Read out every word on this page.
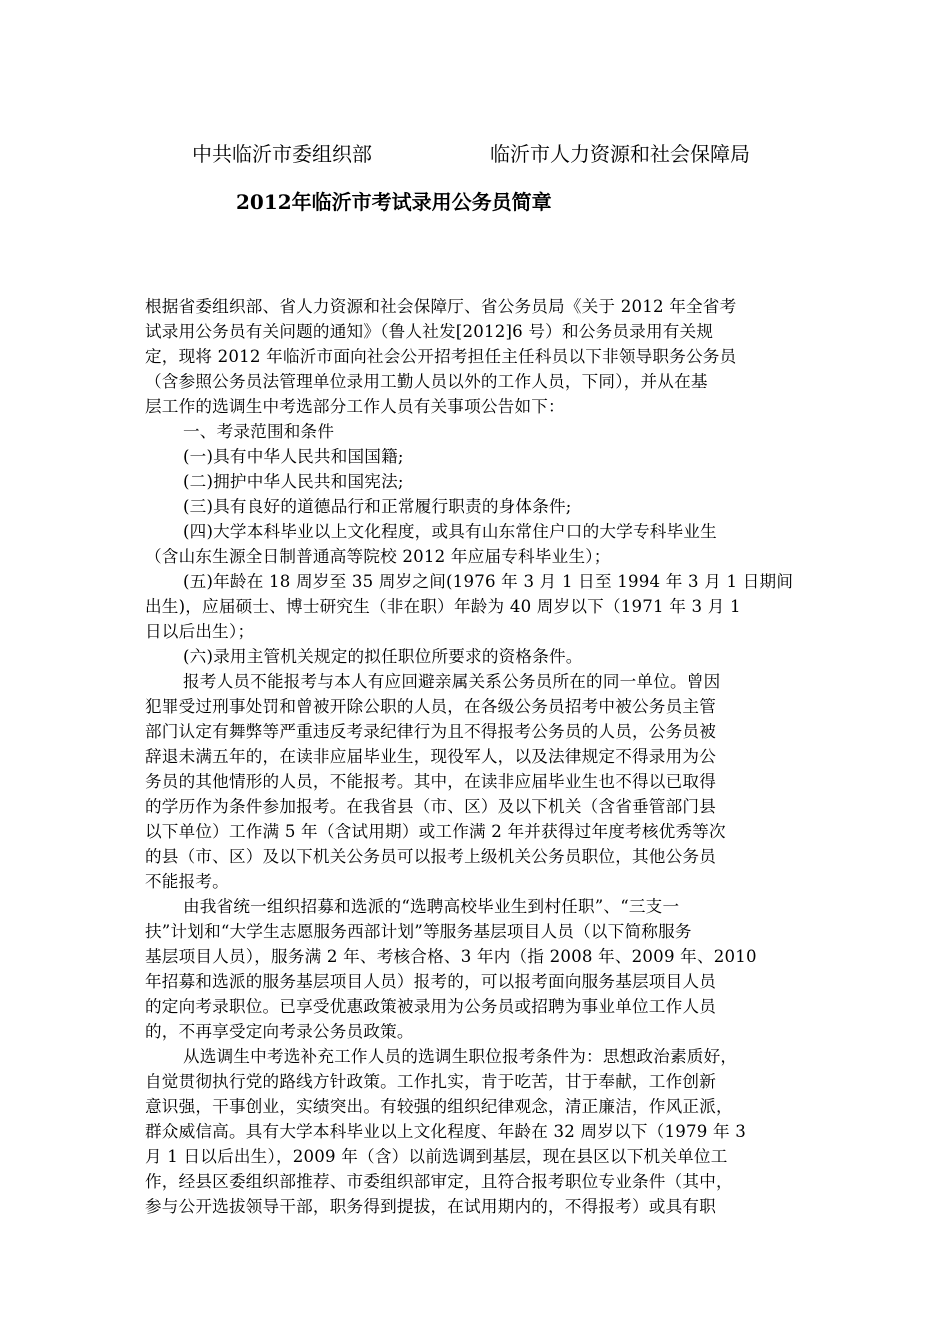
中共临沂市委组织部	临沂市人力资源和社会保障局
2012年临沂市考试录用公务员简章
根据省委组织部、省人力资源和社会保障厅、省公务员局《关于 2012 年全省考
试录用公务员有关问题的通知》（鲁人社发[2012]6 号）和公务员录用有关规
定，现将 2012 年临沂市面向社会公开招考担任主任科员以下非领导职务公务员
（含参照公务员法管理单位录用工勤人员以外的工作人员，下同），并从在基
层工作的选调生中考选部分工作人员有关事项公告如下：
一、考录范围和条件
(一)具有中华人民共和国国籍;
(二)拥护中华人民共和国宪法;
(三)具有良好的道德品行和正常履行职责的身体条件;
(四)大学本科毕业以上文化程度，或具有山东常住户口的大学专科毕业生
（含山东生源全日制普通高等院校 2012 年应届专科毕业生）；
(五)年龄在 18 周岁至 35 周岁之间(1976 年 3 月 1 日至 1994 年 3 月 1 日期间
出生)，应届硕士、博士研究生（非在职）年龄为 40 周岁以下（1971 年 3 月 1
日以后出生）；
(六)录用主管机关规定的拟任职位所要求的资格条件。
报考人员不能报考与本人有应回避亲属关系公务员所在的同一单位。曾因
犯罪受过刑事处罚和曾被开除公职的人员，在各级公务员招考中被公务员主管
部门认定有舞弊等严重违反考录纪律行为且不得报考公务员的人员，公务员被
辞退未满五年的，在读非应届毕业生，现役军人，以及法律规定不得录用为公
务员的其他情形的人员，不能报考。其中，在读非应届毕业生也不得以已取得
的学历作为条件参加报考。在我省县（市、区）及以下机关（含省垂管部门县
以下单位）工作满 5 年（含试用期）或工作满 2 年并获得过年度考核优秀等次
的县（市、区）及以下机关公务员可以报考上级机关公务员职位，其他公务员
不能报考。
由我省统一组织招募和选派的“选聘高校毕业生到村任职”、“三支一
扶”计划和“大学生志愿服务西部计划”等服务基层项目人员（以下简称服务
基层项目人员），服务满 2 年、考核合格、3 年内（指 2008 年、2009 年、2010
年招募和选派的服务基层项目人员）报考的，可以报考面向服务基层项目人员
的定向考录职位。已享受优惠政策被录用为公务员或招聘为事业单位工作人员
的，不再享受定向考录公务员政策。
从选调生中考选补充工作人员的选调生职位报考条件为：思想政治素质好，
自觉贯彻执行党的路线方针政策。工作扎实，肯于吃苦，甘于奉献，工作创新
意识强，干事创业，实绩突出。有较强的组织纪律观念，清正廉洁，作风正派，
群众威信高。具有大学本科毕业以上文化程度、年龄在 32 周岁以下（1979 年 3
月 1 日以后出生），2009 年（含）以前选调到基层，现在县区以下机关单位工
作，经县区委组织部推荐、市委组织部审定，且符合报考职位专业条件（其中，
参与公开选拔领导干部，职务得到提拔，在试用期内的，不得报考）或具有职
